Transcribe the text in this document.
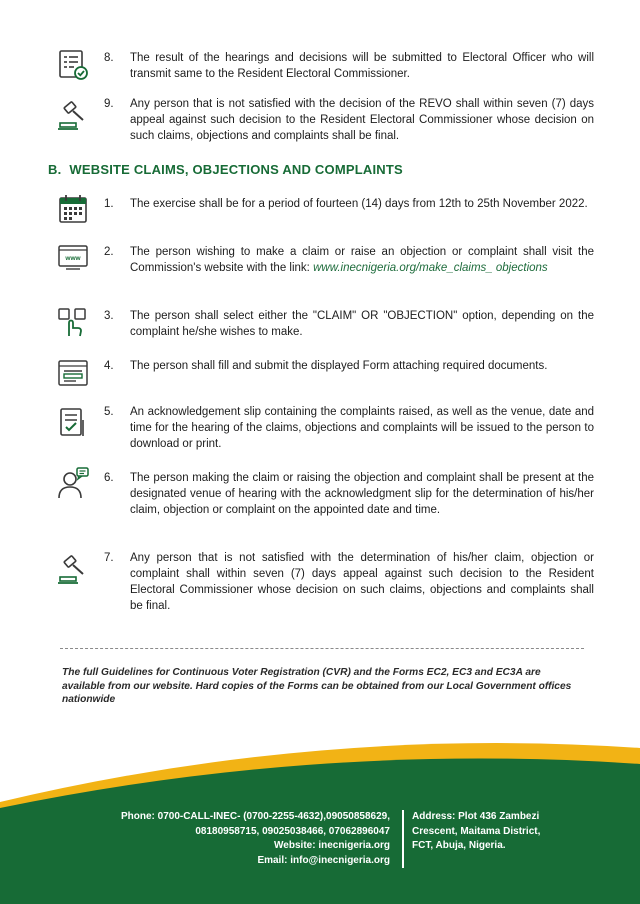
8. The result of the hearings and decisions will be submitted to Electoral Officer who will transmit same to the Resident Electoral Commissioner.

9. Any person that is not satisfied with the decision of the REVO shall within seven (7) days appeal against such decision to the Resident Electoral Commissioner whose decision on such claims, objections and complaints shall be final.

B. WEBSITE CLAIMS, OBJECTIONS AND COMPLAINTS
1. The exercise shall be for a period of fourteen (14) days from 12th to 25th November 2022.

www
2. The person wishing to make a claim or raise an objection or complaint shall visit the Commission's website with the link: www.inecnigeria.org/make_claims_ objections

3. The person shall select either the "CLAIM" OR "OBJECTION" option, depending on the complaint he/she wishes to make.

4. The person shall fill and submit the displayed Form attaching required documents.

5. An acknowledgement slip containing the complaints raised, as well as the venue, date and time for the hearing of the claims, objections and complaints will be issued to the person to download or print.

6. The person making the claim or raising the objection and complaint shall be present at the designated venue of hearing with the acknowledgment slip for the determination of his/her claim, objection or complaint on the appointed date and time.

7. Any person that is not satisfied with the determination of his/her claim, objection or complaint shall within seven (7) days appeal against such decision to the Resident Electoral Commissioner whose decision on such claims, objections and complaints shall be final.

The full Guidelines for Continuous Voter Registration (CVR) and the Forms EC2, EC3 and EC3A are available from our website. Hard copies of the Forms can be obtained from our Local Government offices nationwide

Phone: 0700-CALL-INEC- (0700-2255-4632),09050858629,
08180958715, 09025038466, 07062896047
Website: inecnigeria.org
Email: info@inecnigeria.org
Address: Plot 436 Zambezi
Crescent, Maitama District,
FCT, Abuja, Nigeria.
